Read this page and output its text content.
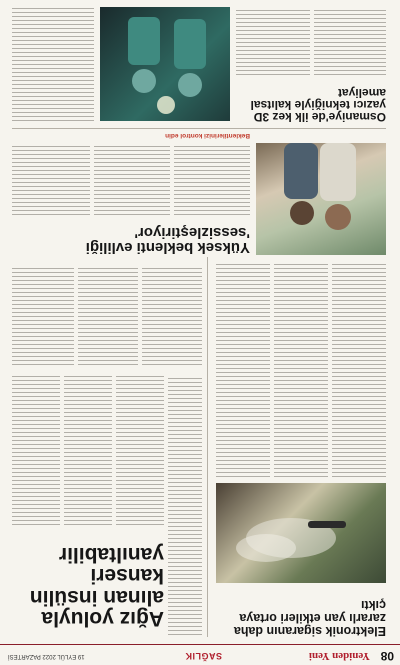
08
Yeniden Yeni
SAĞLIK
19 EYLÜL 2022 PAZARTESİ
Ağız yoluyla alınan insülin kanseri yanıltabilir
Elektronik sigaranın daha zararlı yan etkileri ortaya çıktı
Yüksek beklenti evliliği 'sessizleştiriyor'
Beklentilerinizi kontrol edin
Osmaniye'de ilk kez 3D yazıcı tekniğiyle kalıtsal ameliyat
